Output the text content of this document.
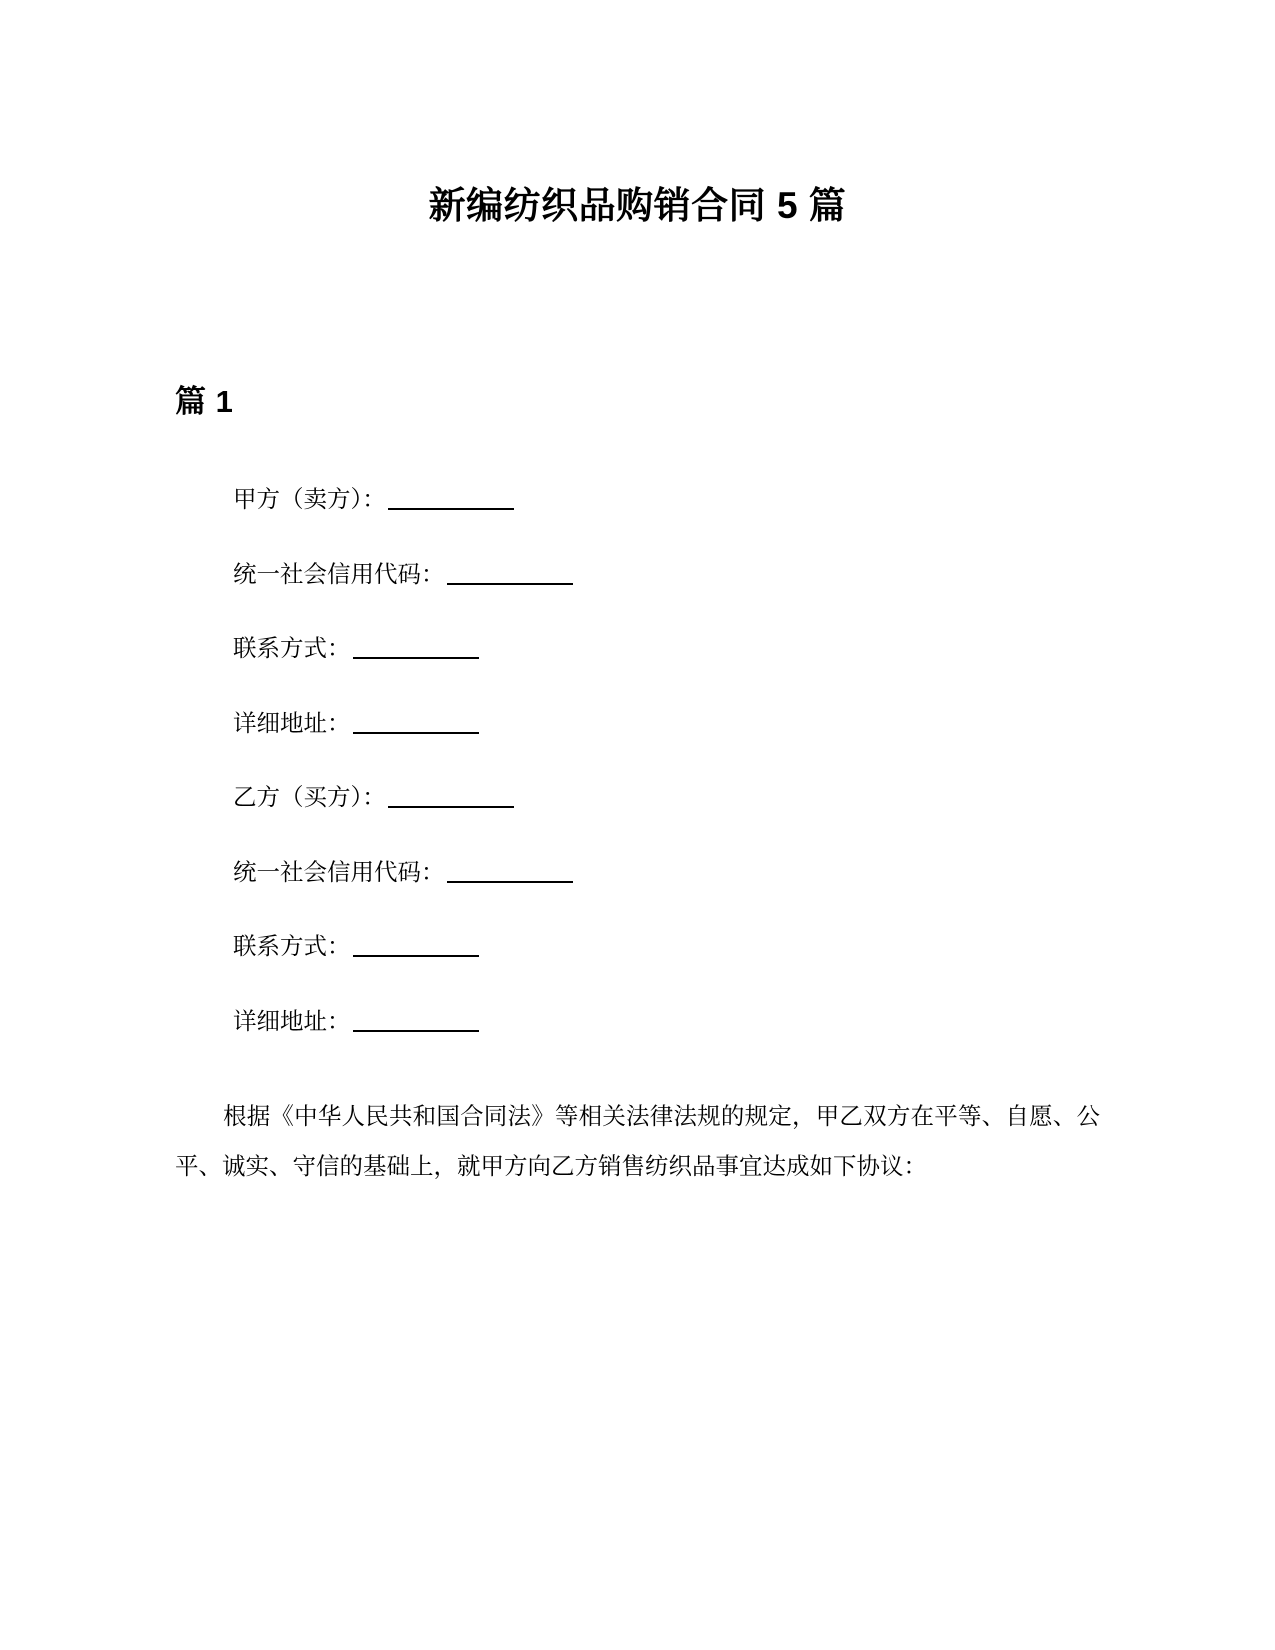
新编纺织品购销合同 5 篇
篇 1
甲方（卖方）：
统一社会信用代码：
联系方式：
详细地址：
乙方（买方）：
统一社会信用代码：
联系方式：
详细地址：

根据《中华人民共和国合同法》等相关法律法规的规定，甲乙双方在平等、自愿、公平、诚实、守信的基础上，就甲方向乙方销售纺织品事宜达成如下协议：
